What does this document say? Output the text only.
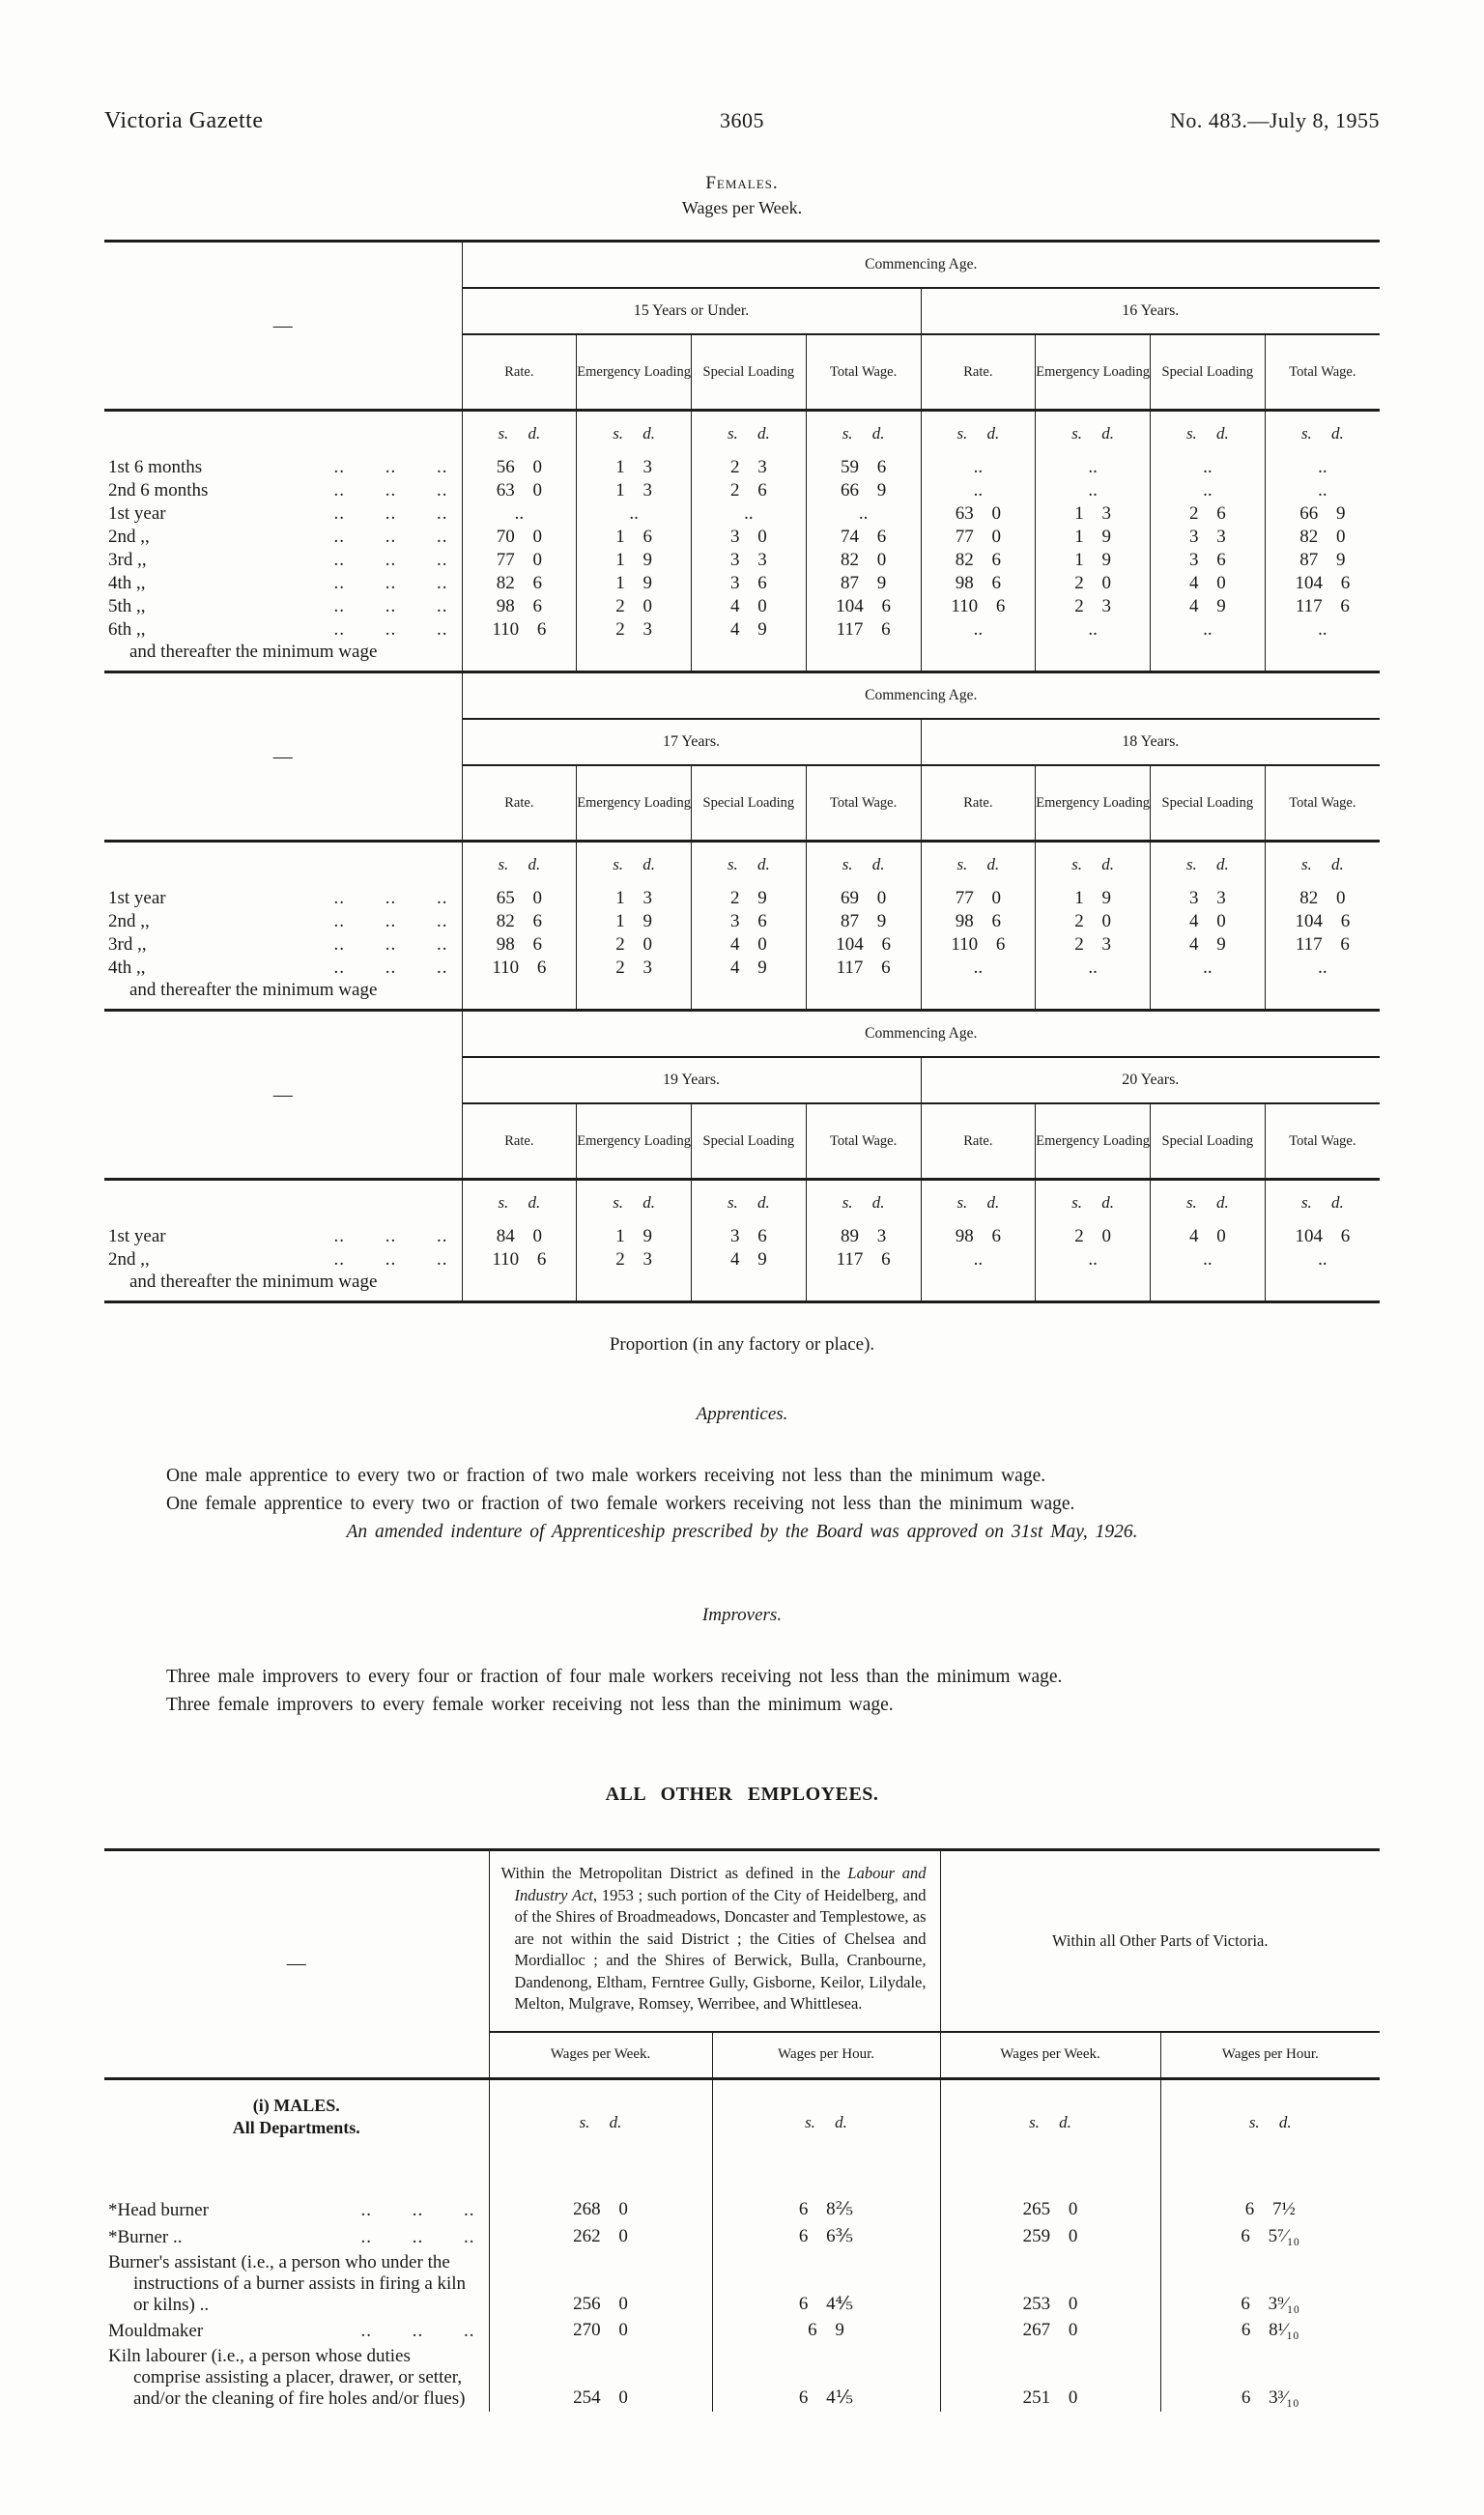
Victoria Gazette	3605	No. 483.—July 8, 1955
Females.
Wages per Week.
—	Commencing Age.							
	15 Years or Under.				16 Years.			
	Rate.	Emergency Loading	Special Loading	Total Wage.	Rate.	Emergency Loading	Special Loading	Total Wage.
	s. d.	s. d.	s. d.	s. d.	s. d.	s. d.	s. d.	s. d.

1st 6 months .. .. ..	56 0	1 3	2 3	59 6	..	..	..	..

2nd 6 months .. .. ..	63 0	1 3	2 6	66 9	..	..	..	..

1st year .. .. ..	..	..	..	..	63 0	1 3	2 6	66 9

2nd ,, .. .. ..	70 0	1 6	3 0	74 6	77 0	1 9	3 3	82 0

3rd ,, .. .. ..	77 0	1 9	3 3	82 0	82 6	1 9	3 6	87 9

4th ,, .. .. ..	82 6	1 9	3 6	87 9	98 6	2 0	4 0	104 6

5th ,, .. .. ..	98 6	2 0	4 0	104 6	110 6	2 3	4 9	117 6

6th ,, .. .. ..	110 6	2 3	4 9	117 6	..	..	..	..
and thereafter the minimum wage								
—	Commencing Age.							
	17 Years.				18 Years.			
	Rate.	Emergency Loading	Special Loading	Total Wage.	Rate.	Emergency Loading	Special Loading	Total Wage.
	s. d.	s. d.	s. d.	s. d.	s. d.	s. d.	s. d.	s. d.

1st year .. .. ..	65 0	1 3	2 9	69 0	77 0	1 9	3 3	82 0

2nd ,, .. .. ..	82 6	1 9	3 6	87 9	98 6	2 0	4 0	104 6

3rd ,, .. .. ..	98 6	2 0	4 0	104 6	110 6	2 3	4 9	117 6

4th ,, .. .. ..	110 6	2 3	4 9	117 6	..	..	..	..
and thereafter the minimum wage								
—	Commencing Age.							
	19 Years.				20 Years.			
	Rate.	Emergency Loading	Special Loading	Total Wage.	Rate.	Emergency Loading	Special Loading	Total Wage.
	s. d.	s. d.	s. d.	s. d.	s. d.	s. d.	s. d.	s. d.

1st year .. .. ..	84 0	1 9	3 6	89 3	98 6	2 0	4 0	104 6

2nd ,, .. .. ..	110 6	2 3	4 9	117 6	..	..	..	..
and thereafter the minimum wage								
Proportion (in any factory or place).
Apprentices.
One male apprentice to every two or fraction of two male workers receiving not less than the minimum wage.
One female apprentice to every two or fraction of two female workers receiving not less than the minimum wage.
An amended indenture of Apprenticeship prescribed by the Board was approved on 31st May, 1926.
Improvers.
Three male improvers to every four or fraction of four male workers receiving not less than the minimum wage.
Three female improvers to every female worker receiving not less than the minimum wage.
ALL OTHER EMPLOYEES.
—	Within the Metropolitan District as defined in the Labour and Industry Act, 1953 ; such portion of the City of Heidelberg, and of the Shires of Broadmeadows, Doncaster and Templestowe, as are not within the said District ; the Cities of Chelsea and Mordialloc ; and the Shires of Berwick, Bulla, Cranbourne, Dandenong, Eltham, Ferntree Gully, Gisborne, Keilor, Lilydale, Melton, Mulgrave, Romsey, Werribee, and Whittlesea.		Within all Other Parts of Victoria.	
	Wages per Week.	Wages per Hour.	Wages per Week.	Wages per Hour.

(i) MALES.
All Departments.	s. d.	s. d.	s. d.	s. d.

*Head burner .. .. ..	268 0	6 8⅖	265 0	6 7½

*Burner .. .. .. ..	262 0	6 6⅗	259 0	6 5⁷⁄₁₀

Burner's assistant (i.e., a person who under the instructions of a burner assists in firing a kiln or kilns) ..	256 0	6 4⅘	253 0	6 3⁹⁄₁₀

Mouldmaker .. .. ..	270 0	6 9	267 0	6 8¹⁄₁₀

Kiln labourer (i.e., a person whose duties comprise assisting a placer, drawer, or setter, and/or the cleaning of fire holes and/or flues)	254 0	6 4⅕	251 0	6 3³⁄₁₀
